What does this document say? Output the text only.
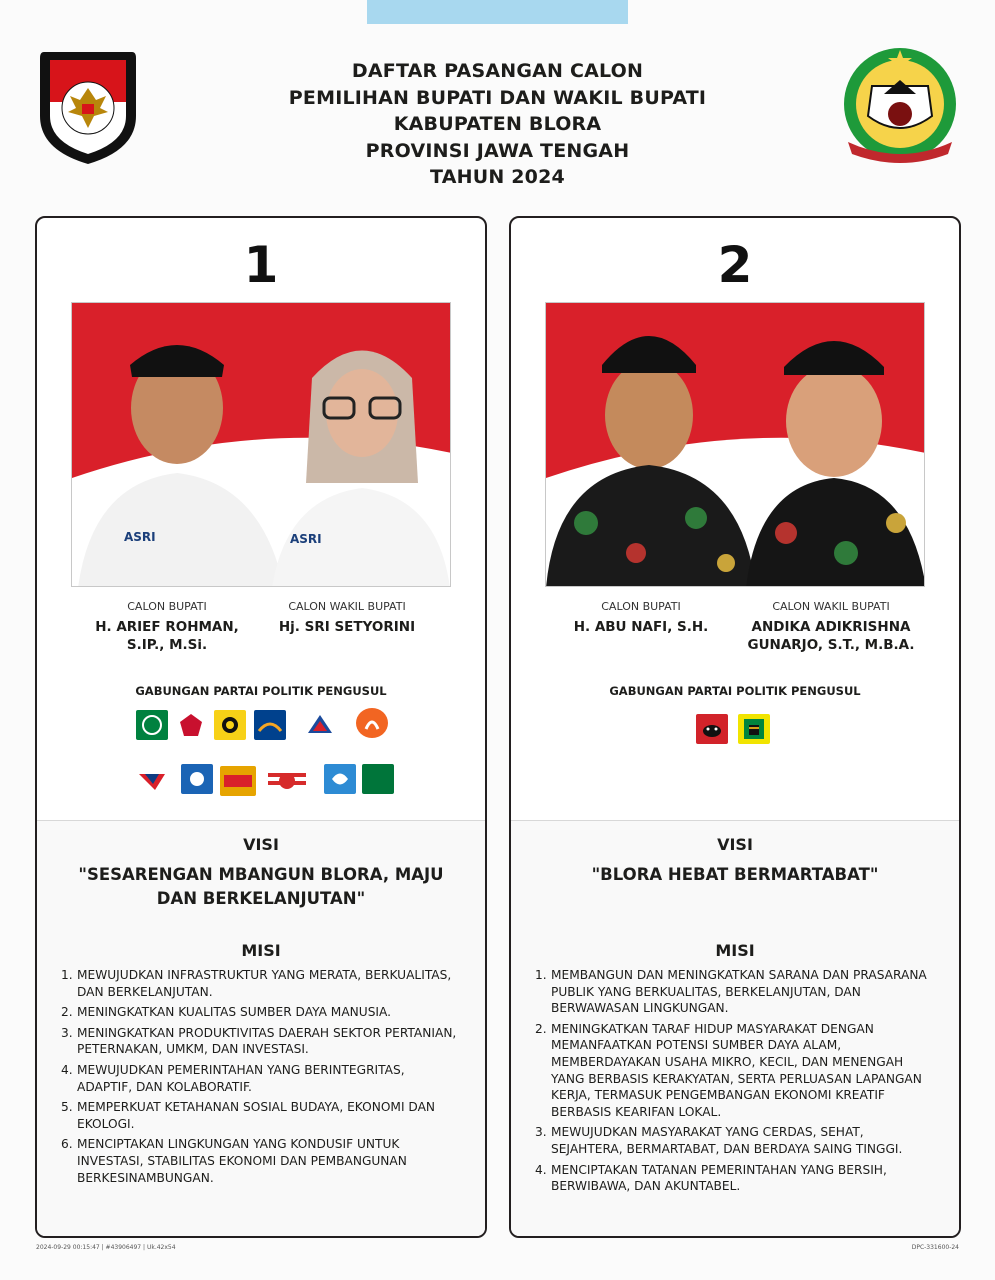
DAFTAR PASANGAN CALON
PEMILIHAN BUPATI DAN WAKIL BUPATI
KABUPATEN BLORA
PROVINSI JAWA TENGAH
TAHUN 2024
1
ASRI	ASRI
CALON BUPATI
H. ARIEF ROHMAN, S.IP., M.Si.
CALON WAKIL BUPATI
Hj. SRI SETYORINI
GABUNGAN PARTAI POLITIK PENGUSUL
VISI
"SESARENGAN MBANGUN BLORA, MAJU DAN BERKELANJUTAN"
MISI
1. MEWUJUDKAN INFRASTRUKTUR YANG MERATA, BERKUALITAS, DAN BERKELANJUTAN.
2. MENINGKATKAN KUALITAS SUMBER DAYA MANUSIA.
3. MENINGKATKAN PRODUKTIVITAS DAERAH SEKTOR PERTANIAN, PETERNAKAN, UMKM, DAN INVESTASI.
4. MEWUJUDKAN PEMERINTAHAN YANG BERINTEGRITAS, ADAPTIF, DAN KOLABORATIF.
5. MEMPERKUAT KETAHANAN SOSIAL BUDAYA, EKONOMI DAN EKOLOGI.
6. MENCIPTAKAN LINGKUNGAN YANG KONDUSIF UNTUK INVESTASI, STABILITAS EKONOMI DAN PEMBANGUNAN BERKESINAMBUNGAN.
2
CALON BUPATI
H. ABU NAFI, S.H.
CALON WAKIL BUPATI
ANDIKA ADIKRISHNA GUNARJO, S.T., M.B.A.
GABUNGAN PARTAI POLITIK PENGUSUL
VISI
"BLORA HEBAT BERMARTABAT"
MISI
1. MEMBANGUN DAN MENINGKATKAN SARANA DAN PRASARANA PUBLIK YANG BERKUALITAS, BERKELANJUTAN, DAN BERWAWASAN LINGKUNGAN.
2. MENINGKATKAN TARAF HIDUP MASYARAKAT DENGAN MEMANFAATKAN POTENSI SUMBER DAYA ALAM, MEMBERDAYAKAN USAHA MIKRO, KECIL, DAN MENENGAH YANG BERBASIS KERAKYATAN, SERTA PERLUASAN LAPANGAN KERJA, TERMASUK PENGEMBANGAN EKONOMI KREATIF BERBASIS KEARIFAN LOKAL.
3. MEWUJUDKAN MASYARAKAT YANG CERDAS, SEHAT, SEJAHTERA, BERMARTABAT, DAN BERDAYA SAING TINGGI.
4. MENCIPTAKAN TATANAN PEMERINTAHAN YANG BERSIH, BERWIBAWA, DAN AKUNTABEL.
2024-09-29 00:15:47 | #43906497 | Uk.42x54	DPC-331600-24
